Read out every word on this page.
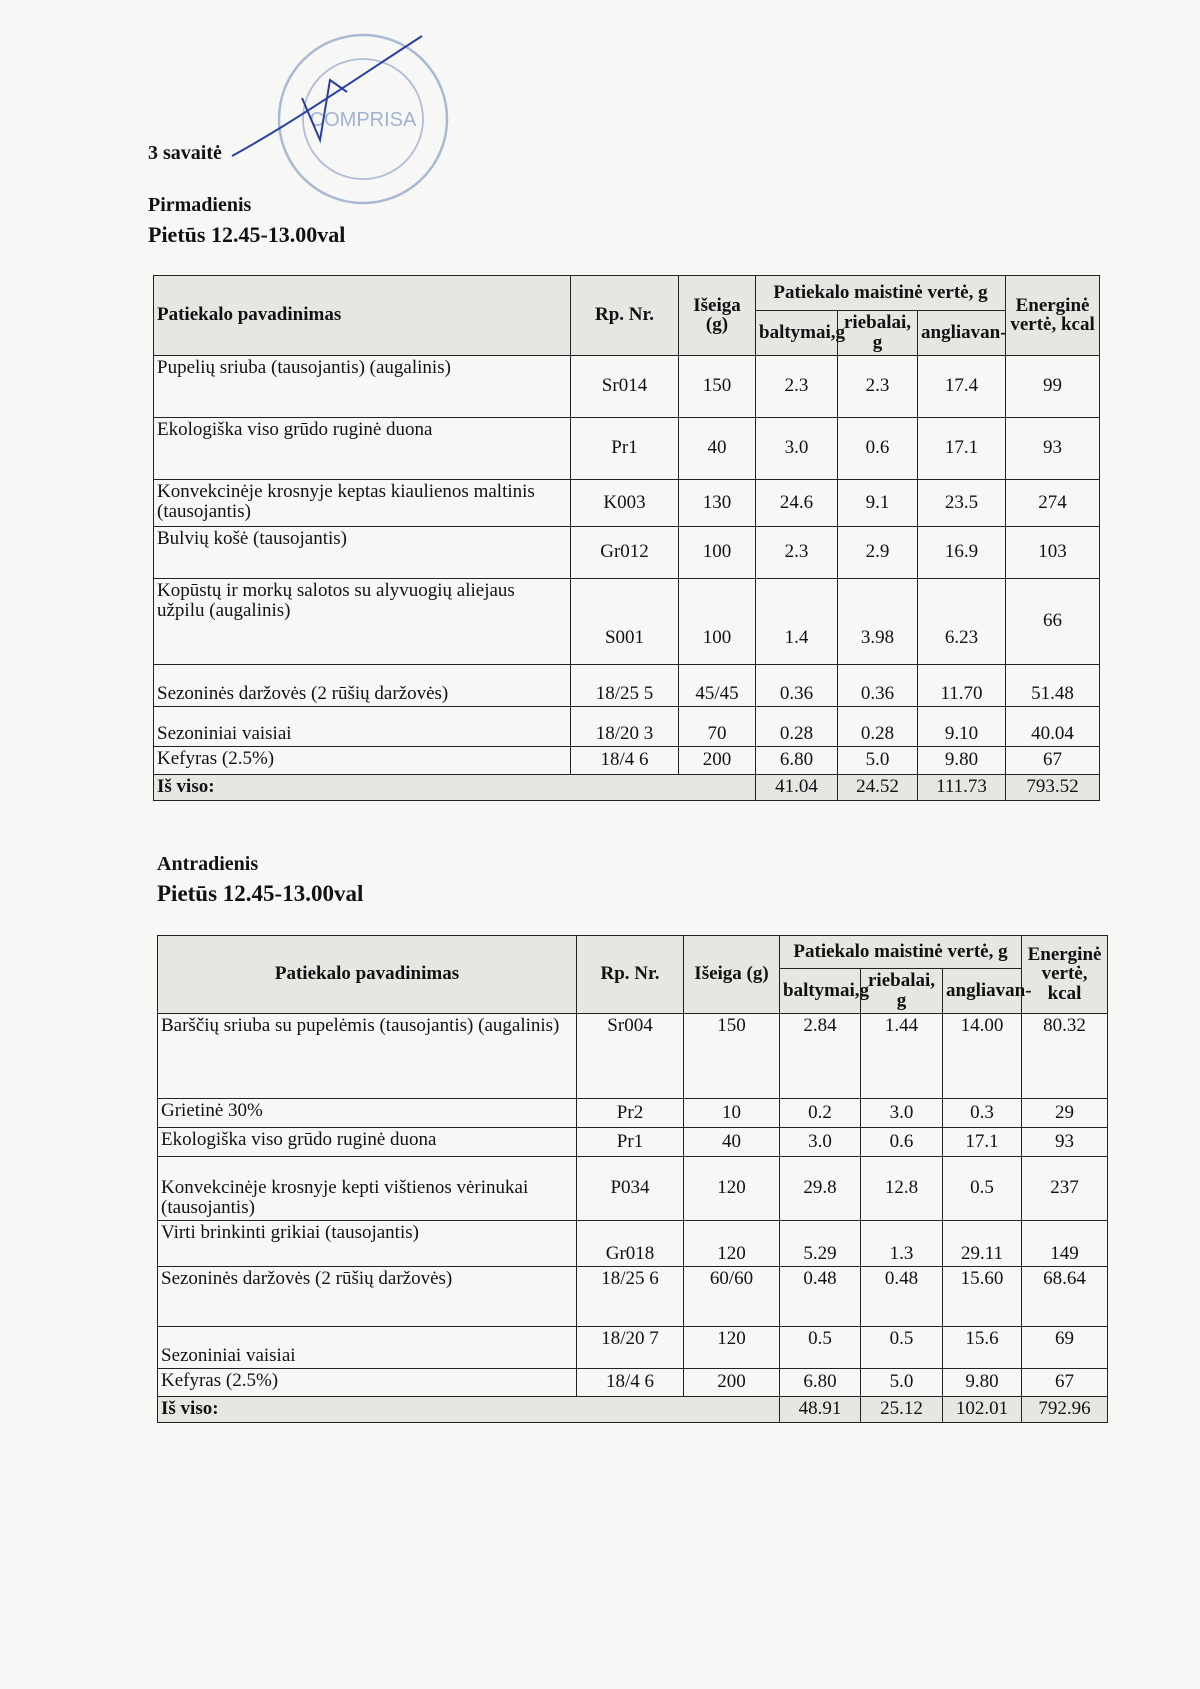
COMPRISA
3 savaitė
Pirmadienis
Pietūs 12.45-13.00val
Patiekalo pavadinimas	Rp. Nr.	Išeiga (g)	Patiekalo maistinė vertė, g			Energinė vertė, kcal
			baltymai,g	riebalai, g	angliavan-	
Pupelių sriuba (tausojantis) (augalinis)	Sr014	150	2.3	2.3	17.4	99
Ekologiška viso grūdo ruginė duona	Pr1	40	3.0	0.6	17.1	93
Konvekcinėje krosnyje keptas kiaulienos maltinis (tausojantis)	K003	130	24.6	9.1	23.5	274
Bulvių košė (tausojantis)	Gr012	100	2.3	2.9	16.9	103
Kopūstų ir morkų salotos su alyvuogių aliejaus užpilu (augalinis)	S001	100	1.4	3.98	6.23	66
Sezoninės daržovės (2 rūšių daržovės)	18/25 5	45/45	0.36	0.36	11.70	51.48
Sezoniniai vaisiai	18/20 3	70	0.28	0.28	9.10	40.04
Kefyras (2.5%)	18/4 6	200	6.80	5.0	9.80	67
Iš viso:			41.04	24.52	111.73	793.52
Antradienis
Pietūs 12.45-13.00val
Patiekalo pavadinimas	Rp. Nr.	Išeiga (g)	Patiekalo maistinė vertė, g			Energinė vertė, kcal
			baltymai,g	riebalai, g	angliavan-	
Barščių sriuba su pupelėmis (tausojantis) (augalinis)	Sr004	150	2.84	1.44	14.00	80.32
Grietinė 30%	Pr2	10	0.2	3.0	0.3	29
Ekologiška viso grūdo ruginė duona	Pr1	40	3.0	0.6	17.1	93
Konvekcinėje krosnyje kepti vištienos vėrinukai (tausojantis)	P034	120	29.8	12.8	0.5	237
Virti brinkinti grikiai (tausojantis)	Gr018	120	5.29	1.3	29.11	149
Sezoninės daržovės (2 rūšių daržovės)	18/25 6	60/60	0.48	0.48	15.60	68.64
Sezoniniai vaisiai	18/20 7	120	0.5	0.5	15.6	69
Kefyras (2.5%)	18/4 6	200	6.80	5.0	9.80	67
Iš viso:			48.91	25.12	102.01	792.96
